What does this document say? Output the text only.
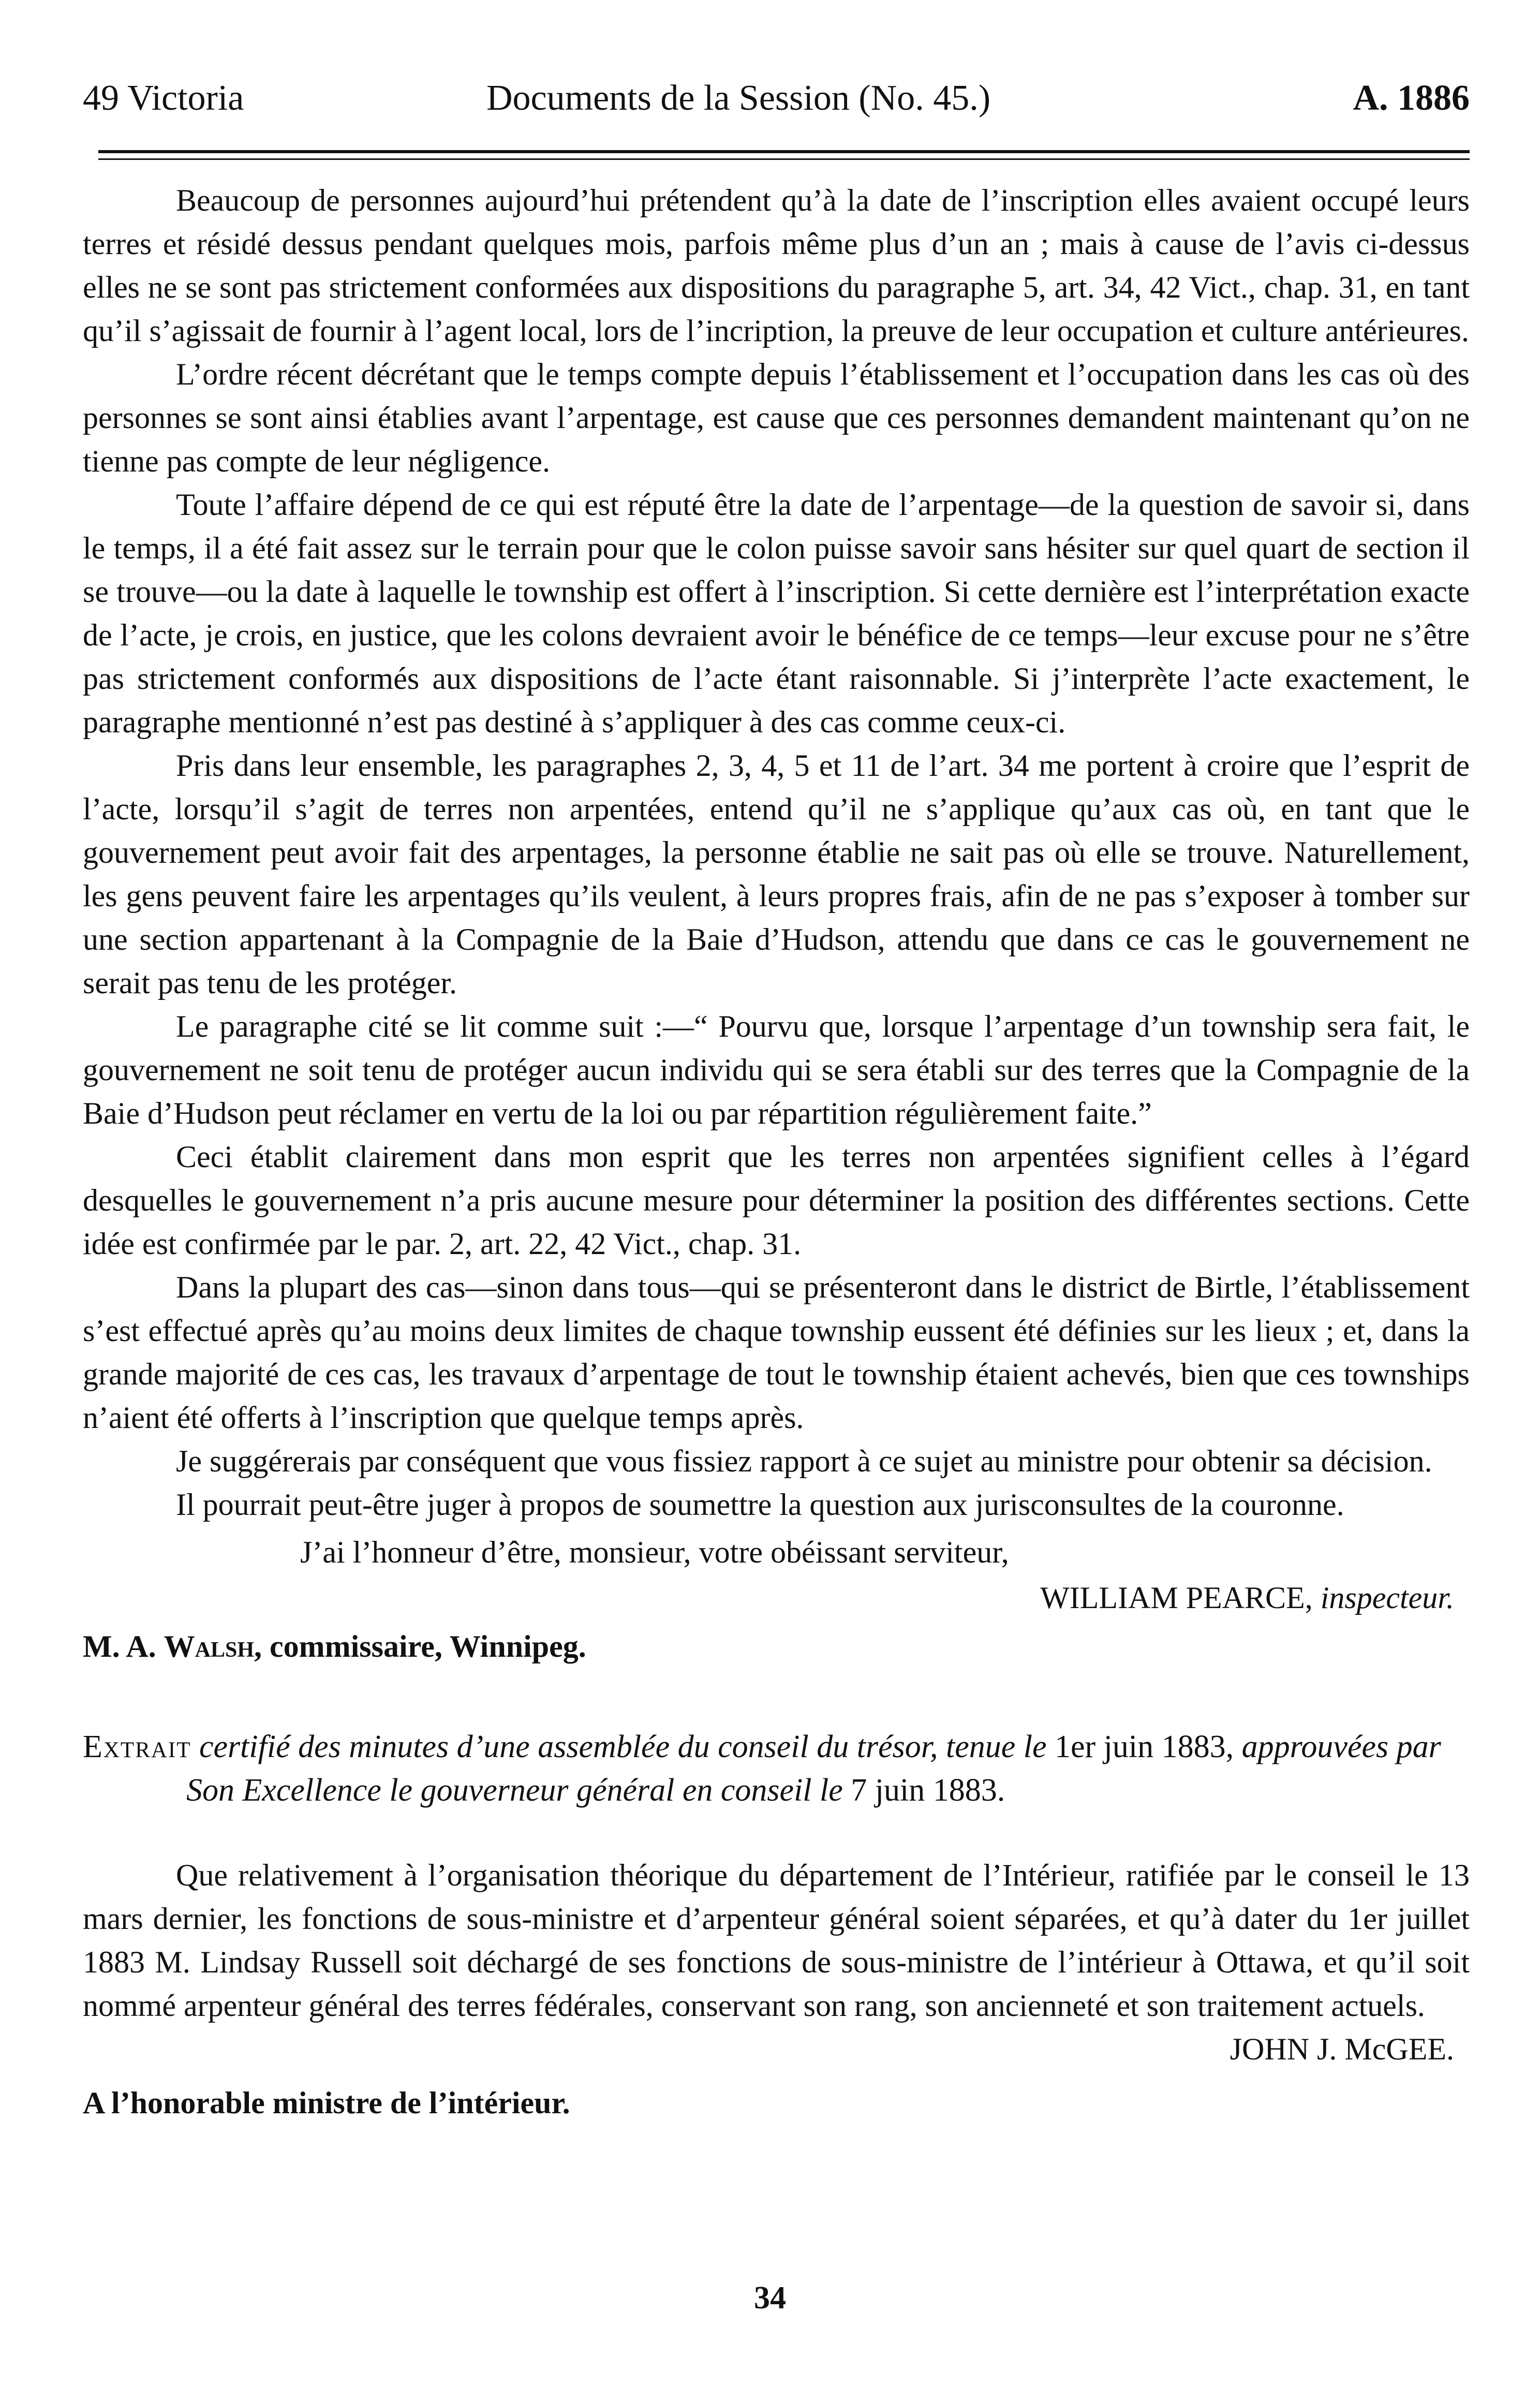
49 Victoria	Documents de la Session (No. 45.)	A. 1886

Beaucoup de personnes aujourd’hui prétendent qu’à la date de l’inscription elles avaient occupé leurs terres et résidé dessus pendant quelques mois, parfois même plus d’un an ; mais à cause de l’avis ci-dessus elles ne se sont pas strictement conformées aux dispositions du paragraphe 5, art. 34, 42 Vict., chap. 31, en tant qu’il s’agissait de fournir à l’agent local, lors de l’incription, la preuve de leur occupation et culture antérieures.

L’ordre récent décrétant que le temps compte depuis l’établissement et l’occupation dans les cas où des personnes se sont ainsi établies avant l’arpentage, est cause que ces personnes demandent maintenant qu’on ne tienne pas compte de leur négligence.

Toute l’affaire dépend de ce qui est réputé être la date de l’arpentage—de la question de savoir si, dans le temps, il a été fait assez sur le terrain pour que le colon puisse savoir sans hésiter sur quel quart de section il se trouve—ou la date à laquelle le township est offert à l’inscription. Si cette dernière est l’interprétation exacte de l’acte, je crois, en justice, que les colons devraient avoir le bénéfice de ce temps—leur excuse pour ne s’être pas strictement conformés aux dispositions de l’acte étant raisonnable. Si j’interprète l’acte exactement, le paragraphe mentionné n’est pas destiné à s’appliquer à des cas comme ceux-ci.

Pris dans leur ensemble, les paragraphes 2, 3, 4, 5 et 11 de l’art. 34 me portent à croire que l’esprit de l’acte, lorsqu’il s’agit de terres non arpentées, entend qu’il ne s’applique qu’aux cas où, en tant que le gouvernement peut avoir fait des arpentages, la personne établie ne sait pas où elle se trouve. Naturellement, les gens peuvent faire les arpentages qu’ils veulent, à leurs propres frais, afin de ne pas s’exposer à tomber sur une section appartenant à la Compagnie de la Baie d’Hudson, attendu que dans ce cas le gouvernement ne serait pas tenu de les protéger.

Le paragraphe cité se lit comme suit :—“ Pourvu que, lorsque l’arpentage d’un township sera fait, le gouvernement ne soit tenu de protéger aucun individu qui se sera établi sur des terres que la Compagnie de la Baie d’Hudson peut réclamer en vertu de la loi ou par répartition régulièrement faite.”

Ceci établit clairement dans mon esprit que les terres non arpentées signifient celles à l’égard desquelles le gouvernement n’a pris aucune mesure pour déterminer la position des différentes sections. Cette idée est confirmée par le par. 2, art. 22, 42 Vict., chap. 31.

Dans la plupart des cas—sinon dans tous—qui se présenteront dans le district de Birtle, l’établissement s’est effectué après qu’au moins deux limites de chaque township eussent été définies sur les lieux ; et, dans la grande majorité de ces cas, les travaux d’arpentage de tout le township étaient achevés, bien que ces townships n’aient été offerts à l’inscription que quelque temps après.

Je suggérerais par conséquent que vous fissiez rapport à ce sujet au ministre pour obtenir sa décision.

Il pourrait peut-être juger à propos de soumettre la question aux jurisconsultes de la couronne.

J’ai l’honneur d’être, monsieur, votre obéissant serviteur,
WILLIAM PEARCE, inspecteur.
M. A. Walsh, commissaire, Winnipeg.
Extrait certifié des minutes d’une assemblée du conseil du trésor, tenue le 1er juin 1883, approuvées par Son Excellence le gouverneur général en conseil le 7 juin 1883.

Que relativement à l’organisation théorique du département de l’Intérieur, ratifiée par le conseil le 13 mars dernier, les fonctions de sous-ministre et d’arpenteur général soient séparées, et qu’à dater du 1er juillet 1883 M. Lindsay Russell soit déchargé de ses fonctions de sous-ministre de l’intérieur à Ottawa, et qu’il soit nommé arpenteur général des terres fédérales, conservant son rang, son ancienneté et son traitement actuels.

JOHN J. McGEE.
A l’honorable ministre de l’intérieur.
34
